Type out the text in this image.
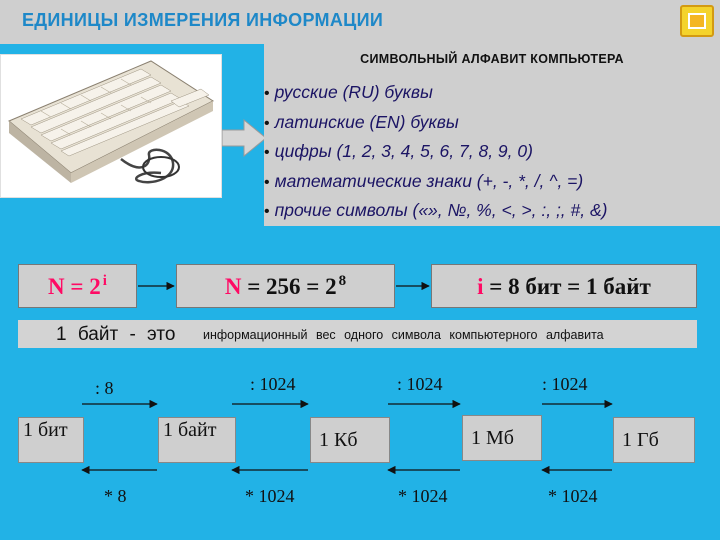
ЕДИНИЦЫ ИЗМЕРЕНИЯ ИНФОРМАЦИИ
СИМВОЛЬНЫЙ АЛФАВИТ КОМПЬЮТЕРА
• русские (RU) буквы
• латинские (EN) буквы
• цифры (1, 2, 3, 4, 5, 6, 7, 8, 9, 0)
• математические знаки (+, -, *, /, ^, =)
• прочие символы («», №, %, <, >, :, ;, #, &)
N = 2 $^i$	N = 256 = 2 $^8$	i = 8 бит = 1 байт
1 байт - это информационный вес одного символа компьютерного алфавита
: 8	: 1024	: 1024	: 1024
* 8	* 1024	* 1024	* 1024
1 бит	1 байт	1 Кб	1 Мб	1 Гб
